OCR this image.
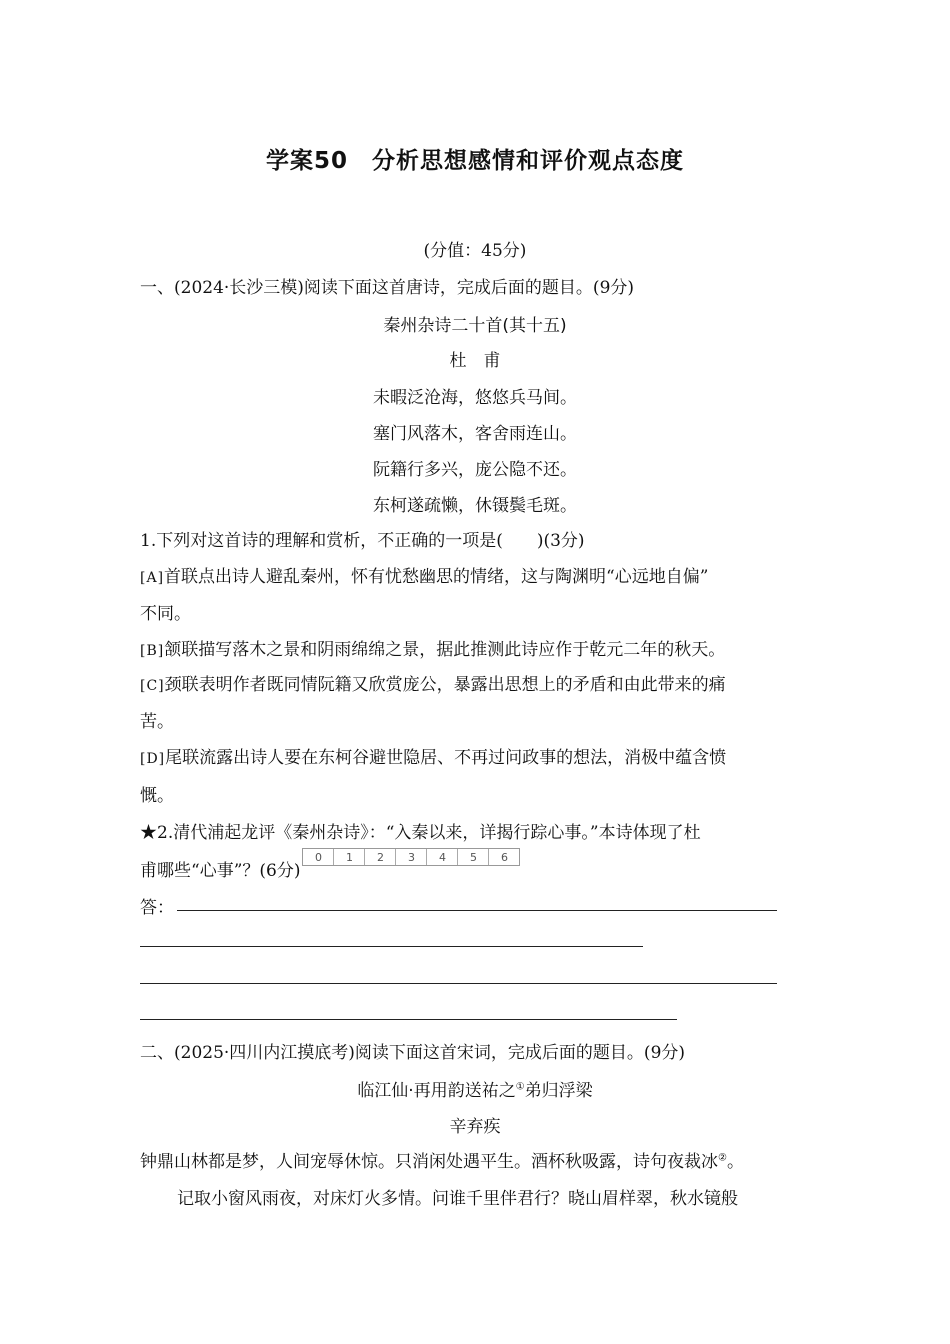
学案50　分析思想感情和评价观点态度
(分值：45分)
一、(2024·长沙三模)阅读下面这首唐诗，完成后面的题目。(9分)
秦州杂诗二十首(其十五)
杜　甫
未暇泛沧海，悠悠兵马间。
塞门风落木，客舍雨连山。
阮籍行多兴，庞公隐不还。
东柯遂疏懒，休镊鬓毛斑。
1.下列对这首诗的理解和赏析，不正确的一项是(　　)(3分)
[A]首联点出诗人避乱秦州，怀有忧愁幽思的情绪，这与陶渊明“心远地自偏”
不同。
[B]颔联描写落木之景和阴雨绵绵之景，据此推测此诗应作于乾元二年的秋天。
[C]颈联表明作者既同情阮籍又欣赏庞公，暴露出思想上的矛盾和由此带来的痛
苦。
[D]尾联流露出诗人要在东柯谷避世隐居、不再过问政事的想法，消极中蕴含愤
慨。
★2.清代浦起龙评《秦州杂诗》：“入秦以来，详揭行踪心事。”本诗体现了杜
甫哪些“心事”？(6分)
0	1	2	3	4	5	6
答：
二、(2025·四川内江摸底考)阅读下面这首宋词，完成后面的题目。(9分)
临江仙·再用韵送祐之①弟归浮梁
辛弃疾
钟鼎山林都是梦，人间宠辱休惊。只消闲处遇平生。酒杯秋吸露，诗句夜裁冰②。
记取小窗风雨夜，对床灯火多情。问谁千里伴君行？晓山眉样翠，秋水镜般
